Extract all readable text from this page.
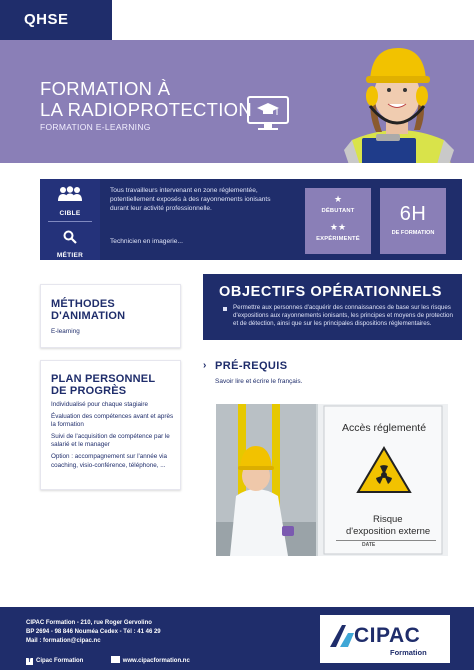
QHSE
FORMATION À
LA RADIOPROTECTION
FORMATION E-LEARNING
CIBLE
MÉTIER
Tous travailleurs intervenant en zone réglementée, potentiellement exposés à des rayonnements ionisants durant leur activité professionnelle.
Technicien en imagerie...
★
DÉBUTANT
★★
EXPÉRIMENTÉ
6H
DE FORMATION
MÉTHODES
D'ANIMATION
E-learning
PLAN PERSONNEL
DE PROGRÈS
Individualisé pour chaque stagiaire
Évaluation des compétences avant et après la formation
Suivi de l'acquisition de compétence par le salarié et le manager
Option : accompagnement sur l'année via coaching, visio-conférence, téléphone, ...
OBJECTIFS OPÉRATIONNELS
Permettre aux personnes d'acquérir des connaissances de base sur les risques d'expositions aux rayonnements ionisants, les principes et moyens de protection et de détection, ainsi que sur les principales dispositions réglementaires.
› PRÉ-REQUIS
Savoir lire et écrire le français.
Accès réglementé
Risque
d'exposition externe
DATE
CIPAC Formation - 210, rue Roger Gervolino
BP 2694 - 98 846 Nouméa Cedex - Tél : 41 46 29
Mail : formation@cipac.nc
f Cipac Formation	www.cipacformation.nc
CIPAC
Formation
